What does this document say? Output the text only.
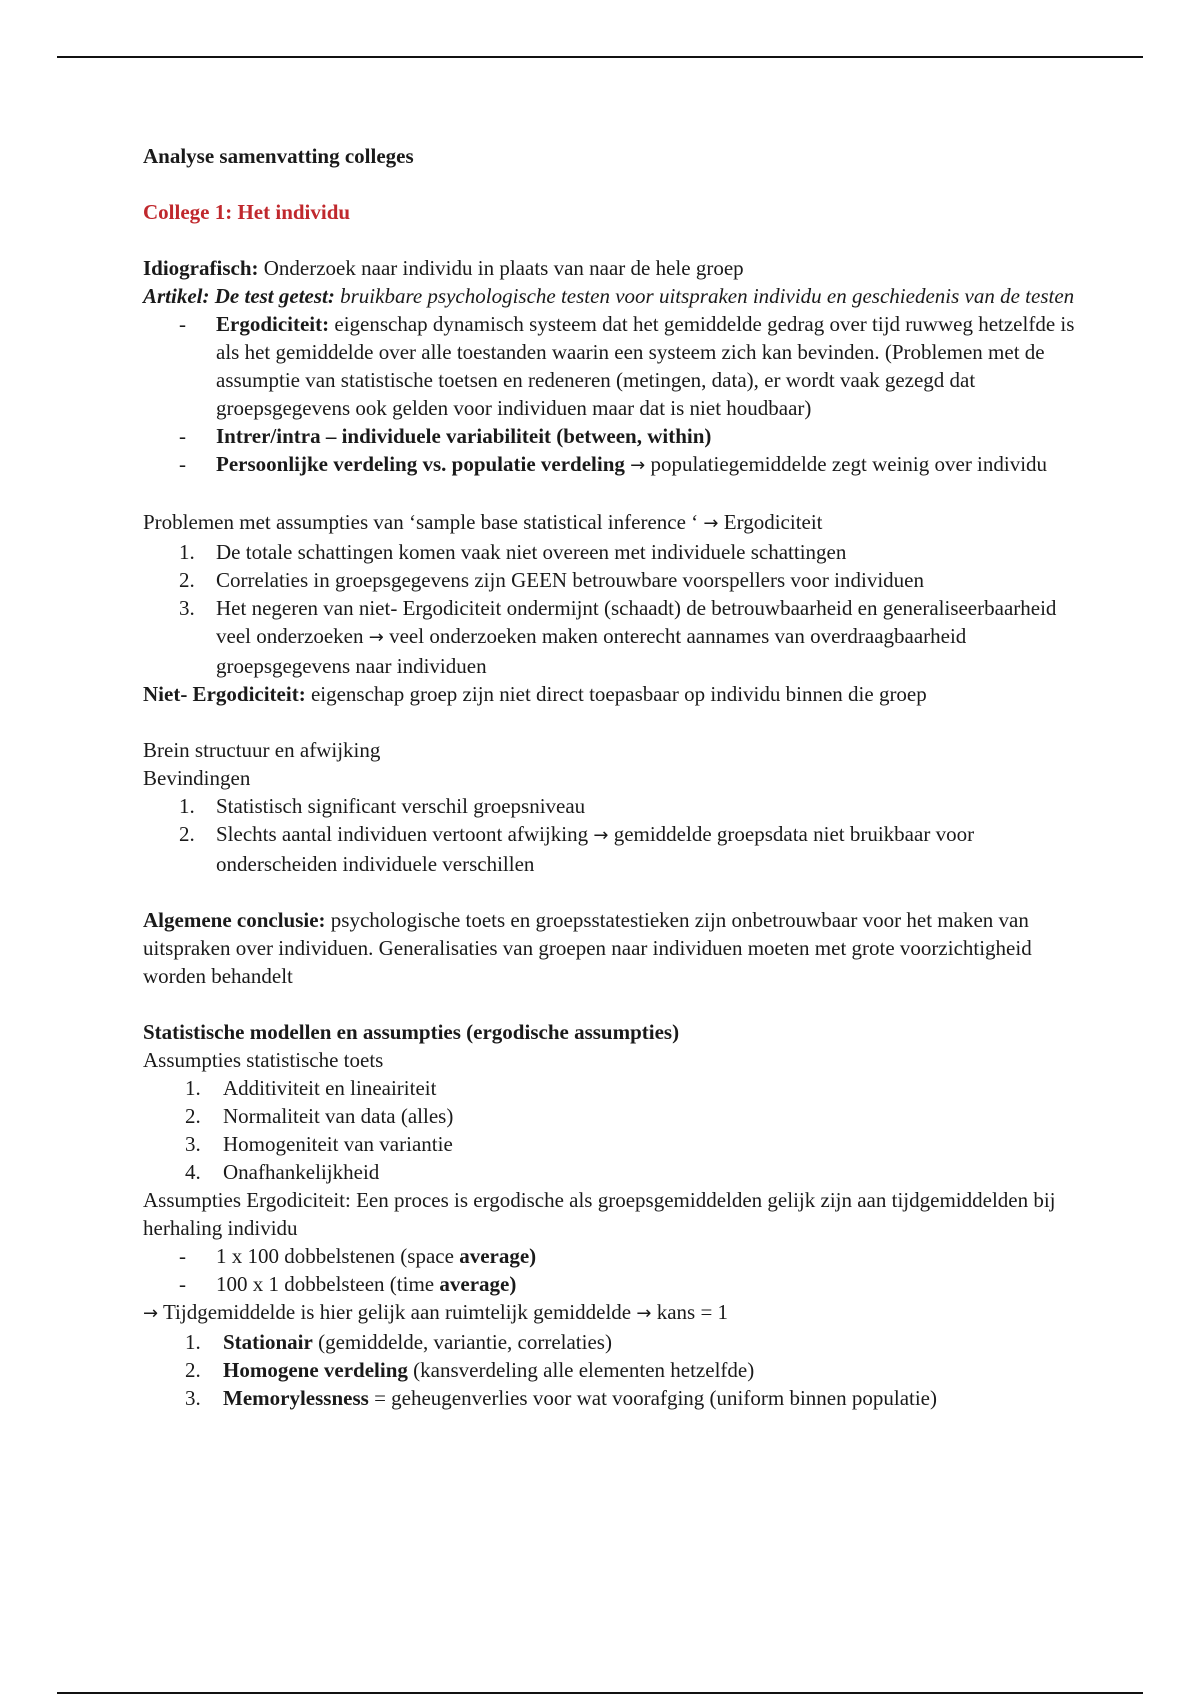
Analyse samenvatting colleges

College 1: Het individu

Idiografisch: Onderzoek naar individu in plaats van naar de hele groep

Artikel: De test getest: bruikbare psychologische testen voor uitspraken individu en geschiedenis van de testen

- Ergodiciteit: eigenschap dynamisch systeem dat het gemiddelde gedrag over tijd ruwweg hetzelfde is als het gemiddelde over alle toestanden waarin een systeem zich kan bevinden. (Problemen met de assumptie van statistische toetsen en redeneren (metingen, data), er wordt vaak gezegd dat groepsgegevens ook gelden voor individuen maar dat is niet houdbaar)
- Intrer/intra – individuele variabiliteit (between, within)
- Persoonlijke verdeling vs. populatie verdeling → populatiegemiddelde zegt weinig over individu

Problemen met assumpties van ‘sample base statistical inference ‘ → Ergodiciteit

1. De totale schattingen komen vaak niet overeen met individuele schattingen
2. Correlaties in groepsgegevens zijn GEEN betrouwbare voorspellers voor individuen
3. Het negeren van niet- Ergodiciteit ondermijnt (schaadt) de betrouwbaarheid en generaliseerbaarheid veel onderzoeken → veel onderzoeken maken onterecht aannames van overdraagbaarheid groepsgegevens naar individuen

Niet- Ergodiciteit: eigenschap groep zijn niet direct toepasbaar op individu binnen die groep

Brein structuur en afwijking

Bevindingen

1. Statistisch significant verschil groepsniveau
2. Slechts aantal individuen vertoont afwijking → gemiddelde groepsdata niet bruikbaar voor onderscheiden individuele verschillen

Algemene conclusie: psychologische toets en groepsstatestieken zijn onbetrouwbaar voor het maken van uitspraken over individuen. Generalisaties van groepen naar individuen moeten met grote voorzichtigheid worden behandelt

Statistische modellen en assumpties (ergodische assumpties)

Assumpties statistische toets

1. Additiviteit en lineairiteit
2. Normaliteit van data (alles)
3. Homogeniteit van variantie
4. Onafhankelijkheid

Assumpties Ergodiciteit: Een proces is ergodische als groepsgemiddelden gelijk zijn aan tijdgemiddelden bij herhaling individu

- 1 x 100 dobbelstenen (space average)
- 100 x 1 dobbelsteen (time average)

→ Tijdgemiddelde is hier gelijk aan ruimtelijk gemiddelde → kans = 1

1. Stationair (gemiddelde, variantie, correlaties)
2. Homogene verdeling (kansverdeling alle elementen hetzelfde)
3. Memorylessness = geheugenverlies voor wat voorafging (uniform binnen populatie)
